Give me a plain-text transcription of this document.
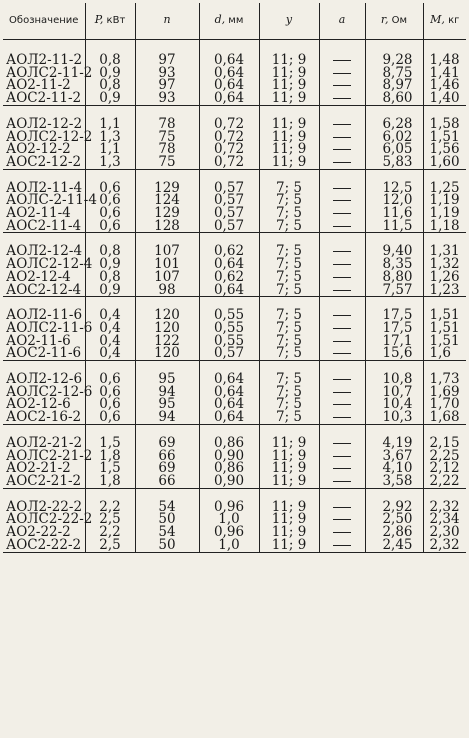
Обозначение	P, кВт	n	d, мм	y	a	r, Ом	M, кг

АОЛ2-11-2	0,8	97	0,64	11; 9		9,28	1,48
АОЛС2-11-2	0,9	93	0,64	11; 9		8,75	1,41
АО2-11-2	0,8	97	0,64	11; 9		8,97	1,46
АОС2-11-2	0,9	93	0,64	11; 9		8,60	1,40

АОЛ2-12-2	1,1	78	0,72	11; 9		6,28	1,58
АОЛС2-12-2	1,3	75	0,72	11; 9		6,02	1,51
АО2-12-2	1,1	78	0,72	11; 9		6,05	1,56
АОС2-12-2	1,3	75	0,72	11; 9		5,83	1,60

АОЛ2-11-4	0,6	129	0,57	7; 5		12,5	1,25
АОЛС-2-11-4	0,6	124	0,57	7; 5		12,0	1,19
АО2-11-4	0,6	129	0,57	7; 5		11,6	1,19
АОС2-11-4	0,6	128	0,57	7; 5		11,5	1,18

АОЛ2-12-4	0,8	107	0,62	7; 5		9,40	1,31
АОЛС2-12-4	0,9	101	0,64	7; 5		8,35	1,32
АО2-12-4	0,8	107	0,62	7; 5		8,80	1,26
АОС2-12-4	0,9	98	0,64	7; 5		7,57	1,23

АОЛ2-11-6	0,4	120	0,55	7; 5		17,5	1,51
АОЛС2-11-6	0,4	120	0,55	7; 5		17,5	1,51
АО2-11-6	0,4	122	0,55	7; 5		17,1	1,51
АОС2-11-6	0,4	120	0,57	7; 5		15,6	1,6

АОЛ2-12-6	0,6	95	0,64	7; 5		10,8	1,73
АОЛС2-12-6	0,6	94	0,64	7; 5		10,7	1,69
АО2-12-6	0,6	95	0,64	7; 5		10,4	1,70
АОС2-16-2	0,6	94	0,64	7; 5		10,3	1,68

АОЛ2-21-2	1,5	69	0,86	11; 9		4,19	2,15
АОЛС2-21-2	1,8	66	0,90	11; 9		3,67	2,25
АО2-21-2	1,5	69	0,86	11; 9		4,10	2,12
АОС2-21-2	1,8	66	0,90	11; 9		3,58	2,22

АОЛ2-22-2	2,2	54	0,96	11; 9		2,92	2,32
АОЛС2-22-2	2,5	50	1,0	11; 9		2,50	2,34
АО2-22-2	2,2	54	0,96	11; 9		2,86	2,30
АОС2-22-2	2,5	50	1,0	11; 9		2,45	2,32
